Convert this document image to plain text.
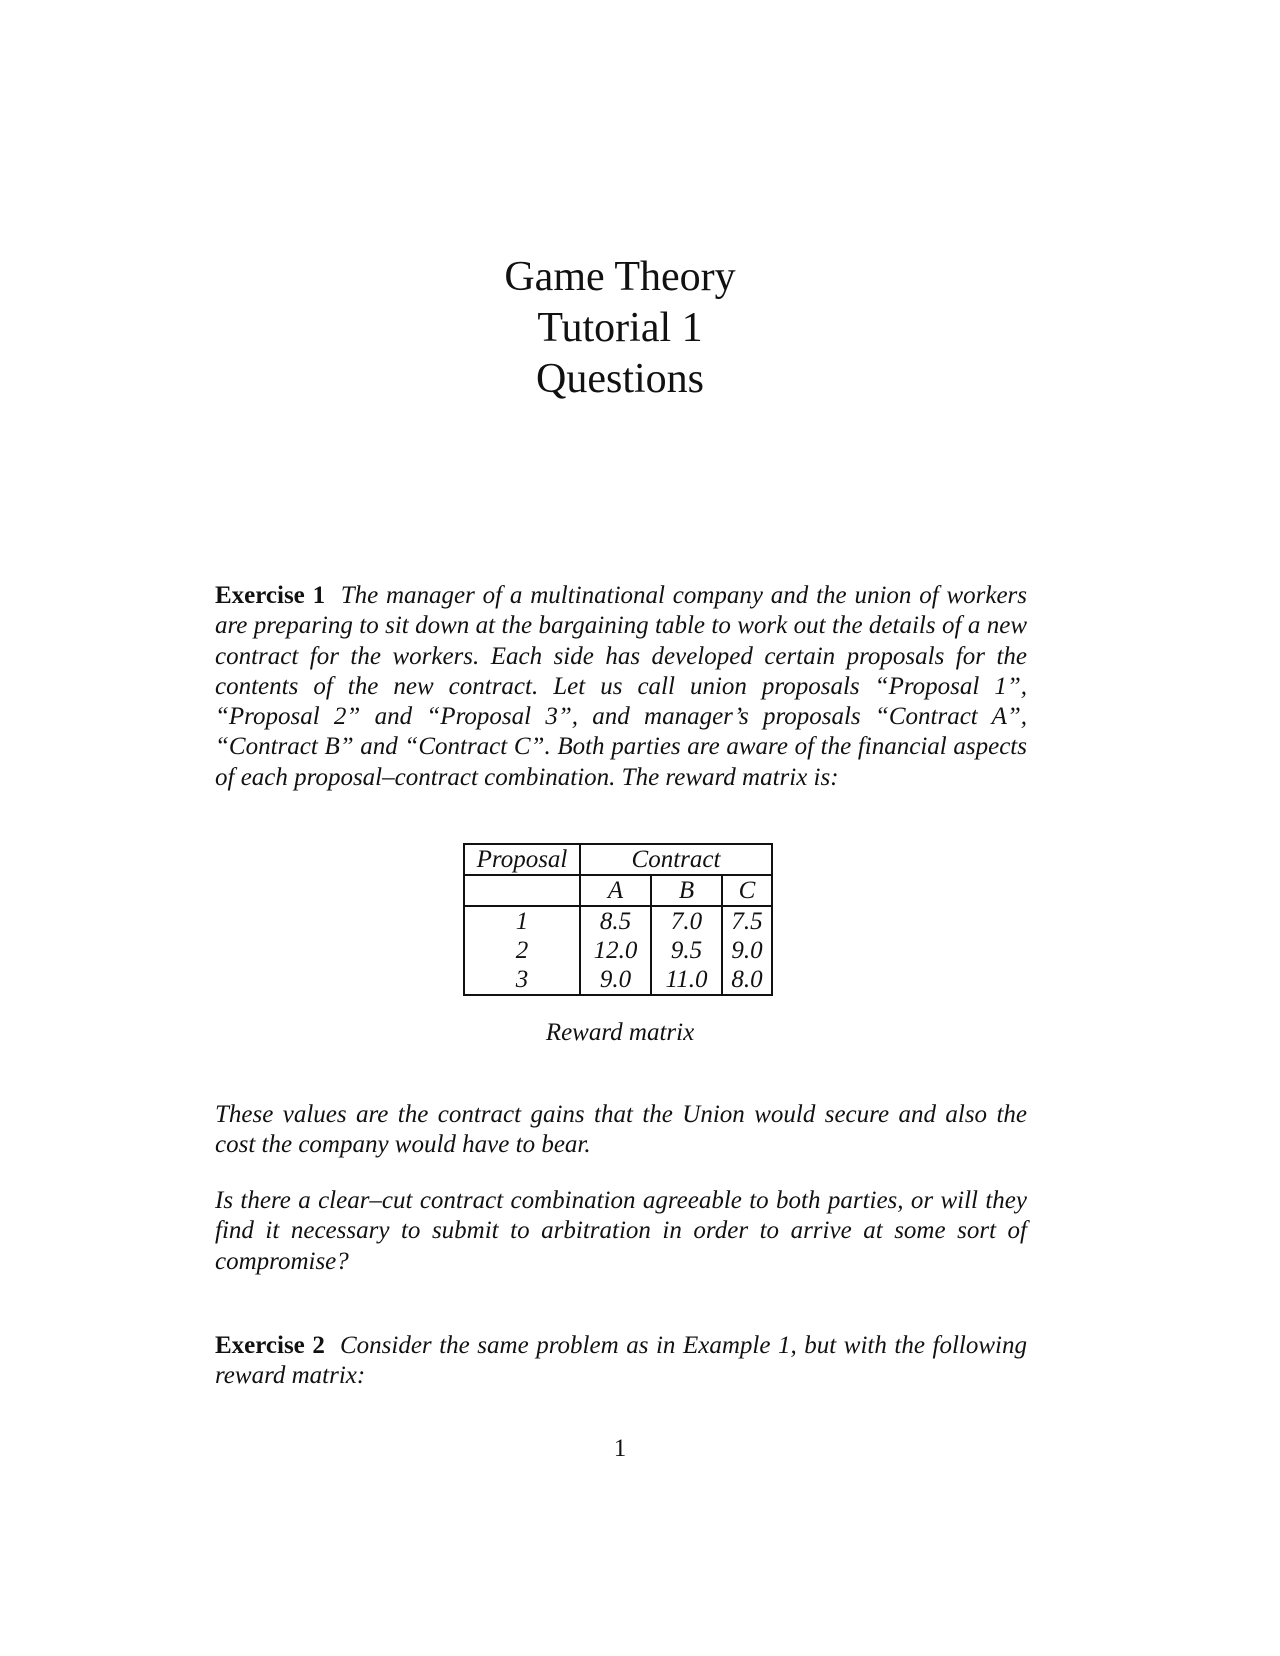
Game Theory
Tutorial 1
Questions
Exercise 1 The manager of a multinational company and the union of workers are preparing to sit down at the bargaining table to work out the details of a new contract for the workers. Each side has developed certain proposals for the contents of the new contract. Let us call union proposals “Proposal 1”, “Proposal 2” and “Proposal 3”, and manager’s proposals “Contract A”, “Contract B” and “Contract C”. Both parties are aware of the financial aspects of each proposal–contract combination. The reward matrix is:
Proposal	Contract		
	A	B	C
1	8.5	7.0	7.5
2	12.0	9.5	9.0
3	9.0	11.0	8.0
Reward matrix
These values are the contract gains that the Union would secure and also the cost the company would have to bear.
Is there a clear–cut contract combination agreeable to both parties, or will they find it necessary to submit to arbitration in order to arrive at some sort of compromise?
Exercise 2 Consider the same problem as in Example 1, but with the following reward matrix:
1
